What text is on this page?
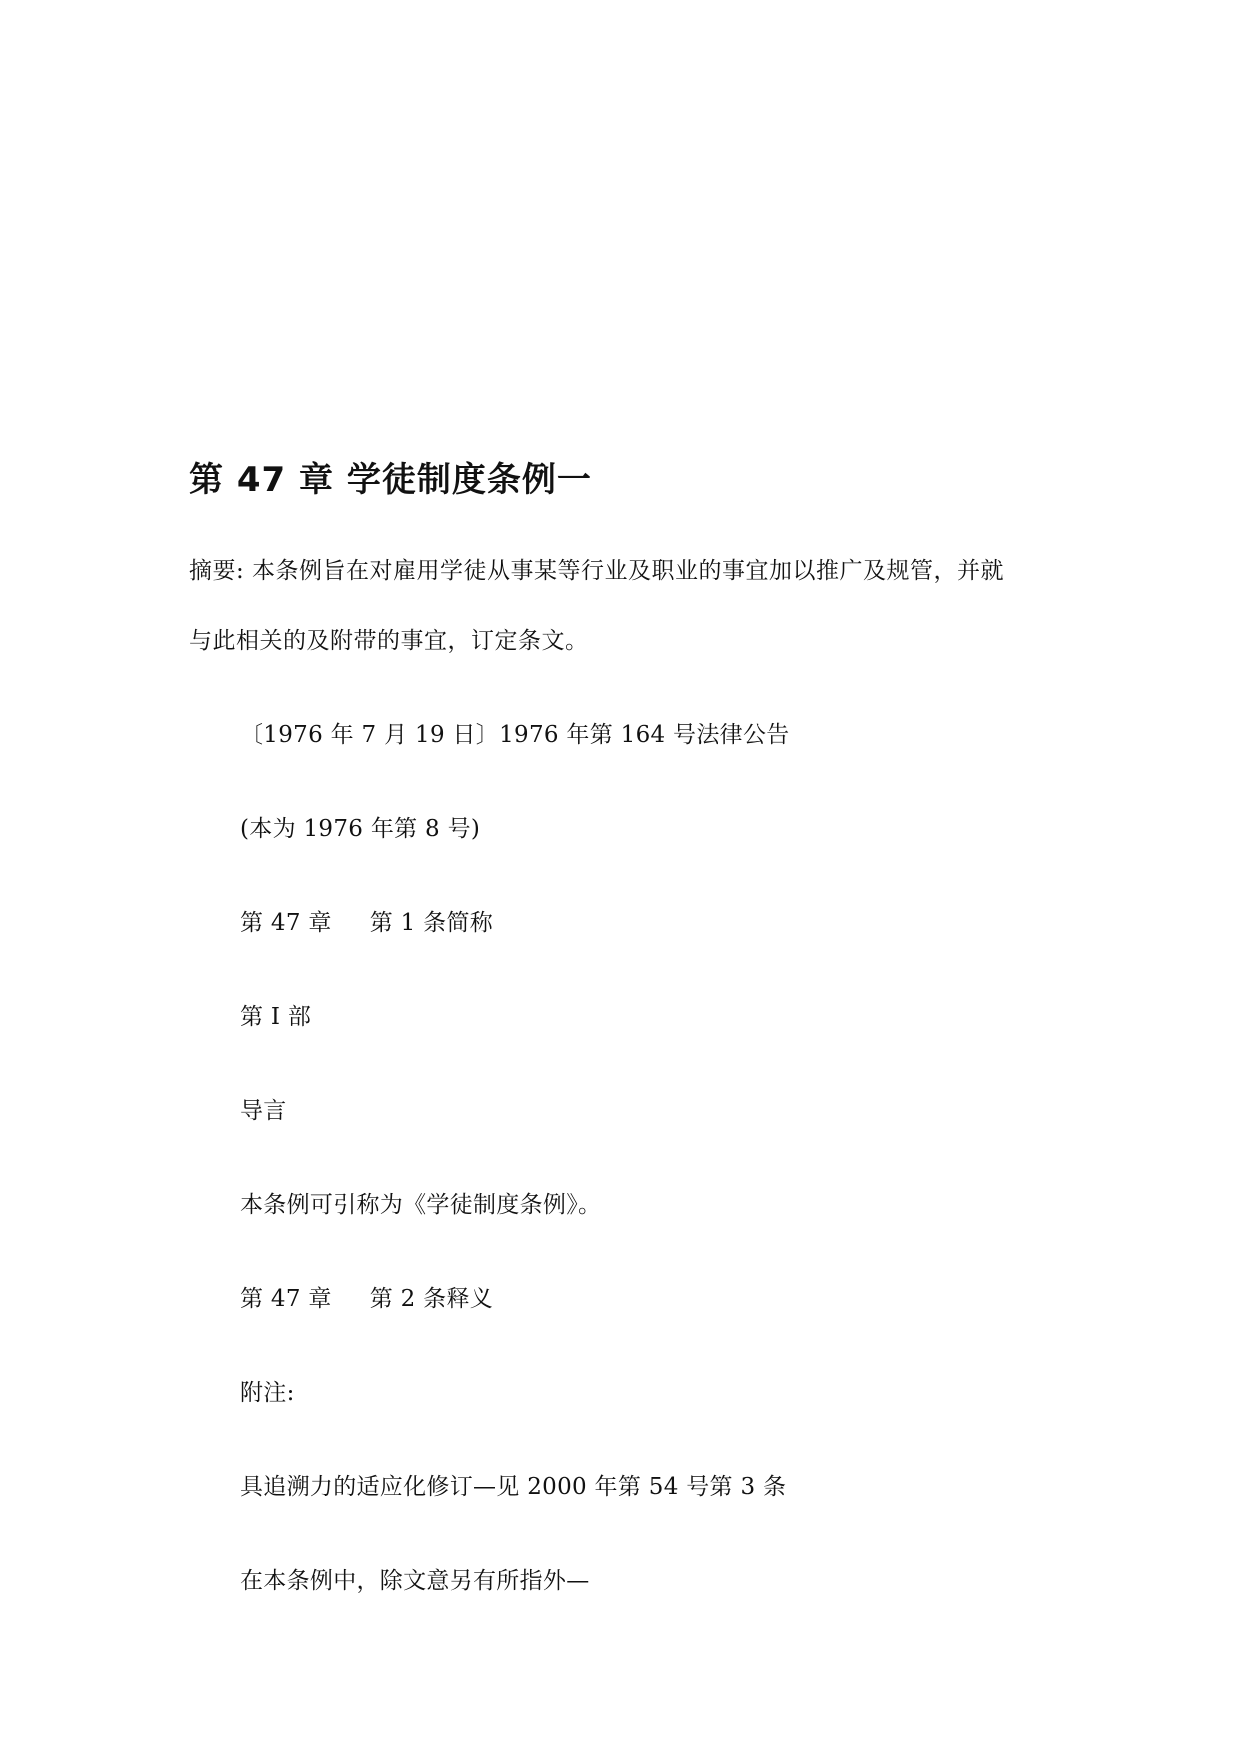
第 47 章 学徒制度条例一
摘要: 本条例旨在对雇用学徒从事某等行业及职业的事宜加以推广及规管，并就
与此相关的及附带的事宜，订定条文。
〔1976 年 7 月 19 日〕1976 年第 164 号法律公告
(本为 1976 年第 8 号)
第 47 章 第 1 条简称
第 I 部
导言
本条例可引称为《学徒制度条例》。
第 47 章 第 2 条释义
附注:
具追溯力的适应化修订—见 2000 年第 54 号第 3 条
在本条例中，除文意另有所指外—
